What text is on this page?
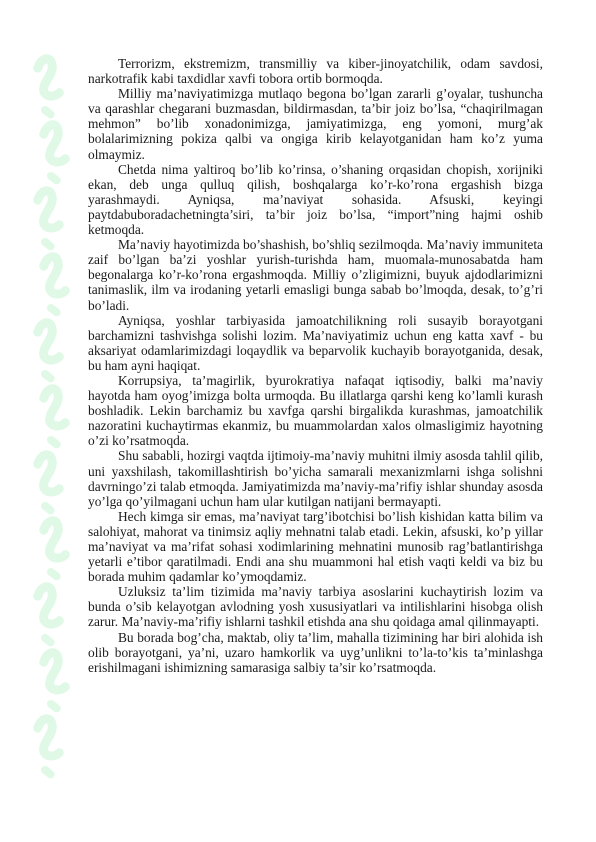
Terrorizm, ekstremizm, transmilliy va kiber-jinoyatchilik, odam savdosi, narkotrafik kabi taxdidlar xavfi tobora ortib bormoqda.

Milliy ma’naviyatimizga mutlaqo begona bo’lgan zararli g’oyalar, tushuncha va qarashlar chegarani buzmasdan, bildirmasdan, ta’bir joiz bo’lsa, “chaqirilmagan mehmon” bo’lib xonadonimizga, jamiyatimizga, eng yomoni, murg’ak bolalarimizning pokiza qalbi va ongiga kirib kelayotganidan ham ko’z yuma olmaymiz.

Chetda nima yaltiroq bo’lib ko’rinsa, o’shaning orqasidan chopish, xorijniki ekan, deb unga qulluq qilish, boshqalarga ko’r-ko’rona ergashish bizga yarashmaydi. Ayniqsa, ma’naviyat sohasida. Afsuski, keyingi paytdabuboradachetningta’siri, ta’bir joiz bo’lsa, “import”ning hajmi oshib ketmoqda.

Ma’naviy hayotimizda bo’shashish, bo’shliq sezilmoqda. Ma’naviy immuniteta zaif bo’lgan ba’zi yoshlar yurish-turishda ham, muomala-munosabatda ham begonalarga ko’r-ko’rona ergashmoqda. Milliy o’zligimizni, buyuk ajdodlarimizni tanimaslik, ilm va irodaning yetarli emasligi bunga sabab bo’lmoqda, desak, to’g’ri bo’ladi.

Ayniqsa, yoshlar tarbiyasida jamoatchilikning roli susayib borayotgani barchamizni tashvishga solishi lozim. Ma’naviyatimiz uchun eng katta xavf - bu aksariyat odamlarimizdagi loqaydlik va beparvolik kuchayib borayotganida, desak, bu ham ayni haqiqat.

Korrupsiya, ta’magirlik, byurokratiya nafaqat iqtisodiy, balki ma’naviy hayotda ham oyog’imizga bolta urmoqda. Bu illatlarga qarshi keng ko’lamli kurash boshladik. Lekin barchamiz bu xavfga qarshi birgalikda kurashmas, jamoatchilik nazoratini kuchaytirmas ekanmiz, bu muammolardan xalos olmasligimiz hayotning o’zi ko’rsatmoqda.

Shu sababli, hozirgi vaqtda ijtimoiy-ma’naviy muhitni ilmiy asosda tahlil qilib, uni yaxshilash, takomillashtirish bo’yicha samarali mexanizmlarni ishga solishni davrningo’zi talab etmoqda. Jamiyatimizda ma’naviy-ma’rifiy ishlar shunday asosda yo’lga qo’yilmagani uchun ham ular kutilgan natijani bermayapti.

Hech kimga sir emas, ma’naviyat targ’ibotchisi bo’lish kishidan katta bilim va salohiyat, mahorat va tinimsiz aqliy mehnatni talab etadi. Lekin, afsuski, ko’p yillar ma’naviyat va ma’rifat sohasi xodimlarining mehnatini munosib rag’batlantirishga yetarli e’tibor qaratilmadi. Endi ana shu muammoni hal etish vaqti keldi va biz bu borada muhim qadamlar ko’ymoqdamiz.

Uzluksiz ta’lim tizimida ma’naviy tarbiya asoslarini kuchaytirish lozim va bunda o’sib kelayotgan avlodning yosh xususiyatlari va intilishlarini hisobga olish zarur. Ma’naviy-ma’rifiy ishlarni tashkil etishda ana shu qoidaga amal qilinmayapti.

Bu borada bog’cha, maktab, oliy ta’lim, mahalla tizimining har biri alohida ish olib borayotgani, ya’ni, uzaro hamkorlik va uyg’unlikni to’la-to’kis ta’minlashga erishilmagani ishimizning samarasiga salbiy ta’sir ko’rsatmoqda.
